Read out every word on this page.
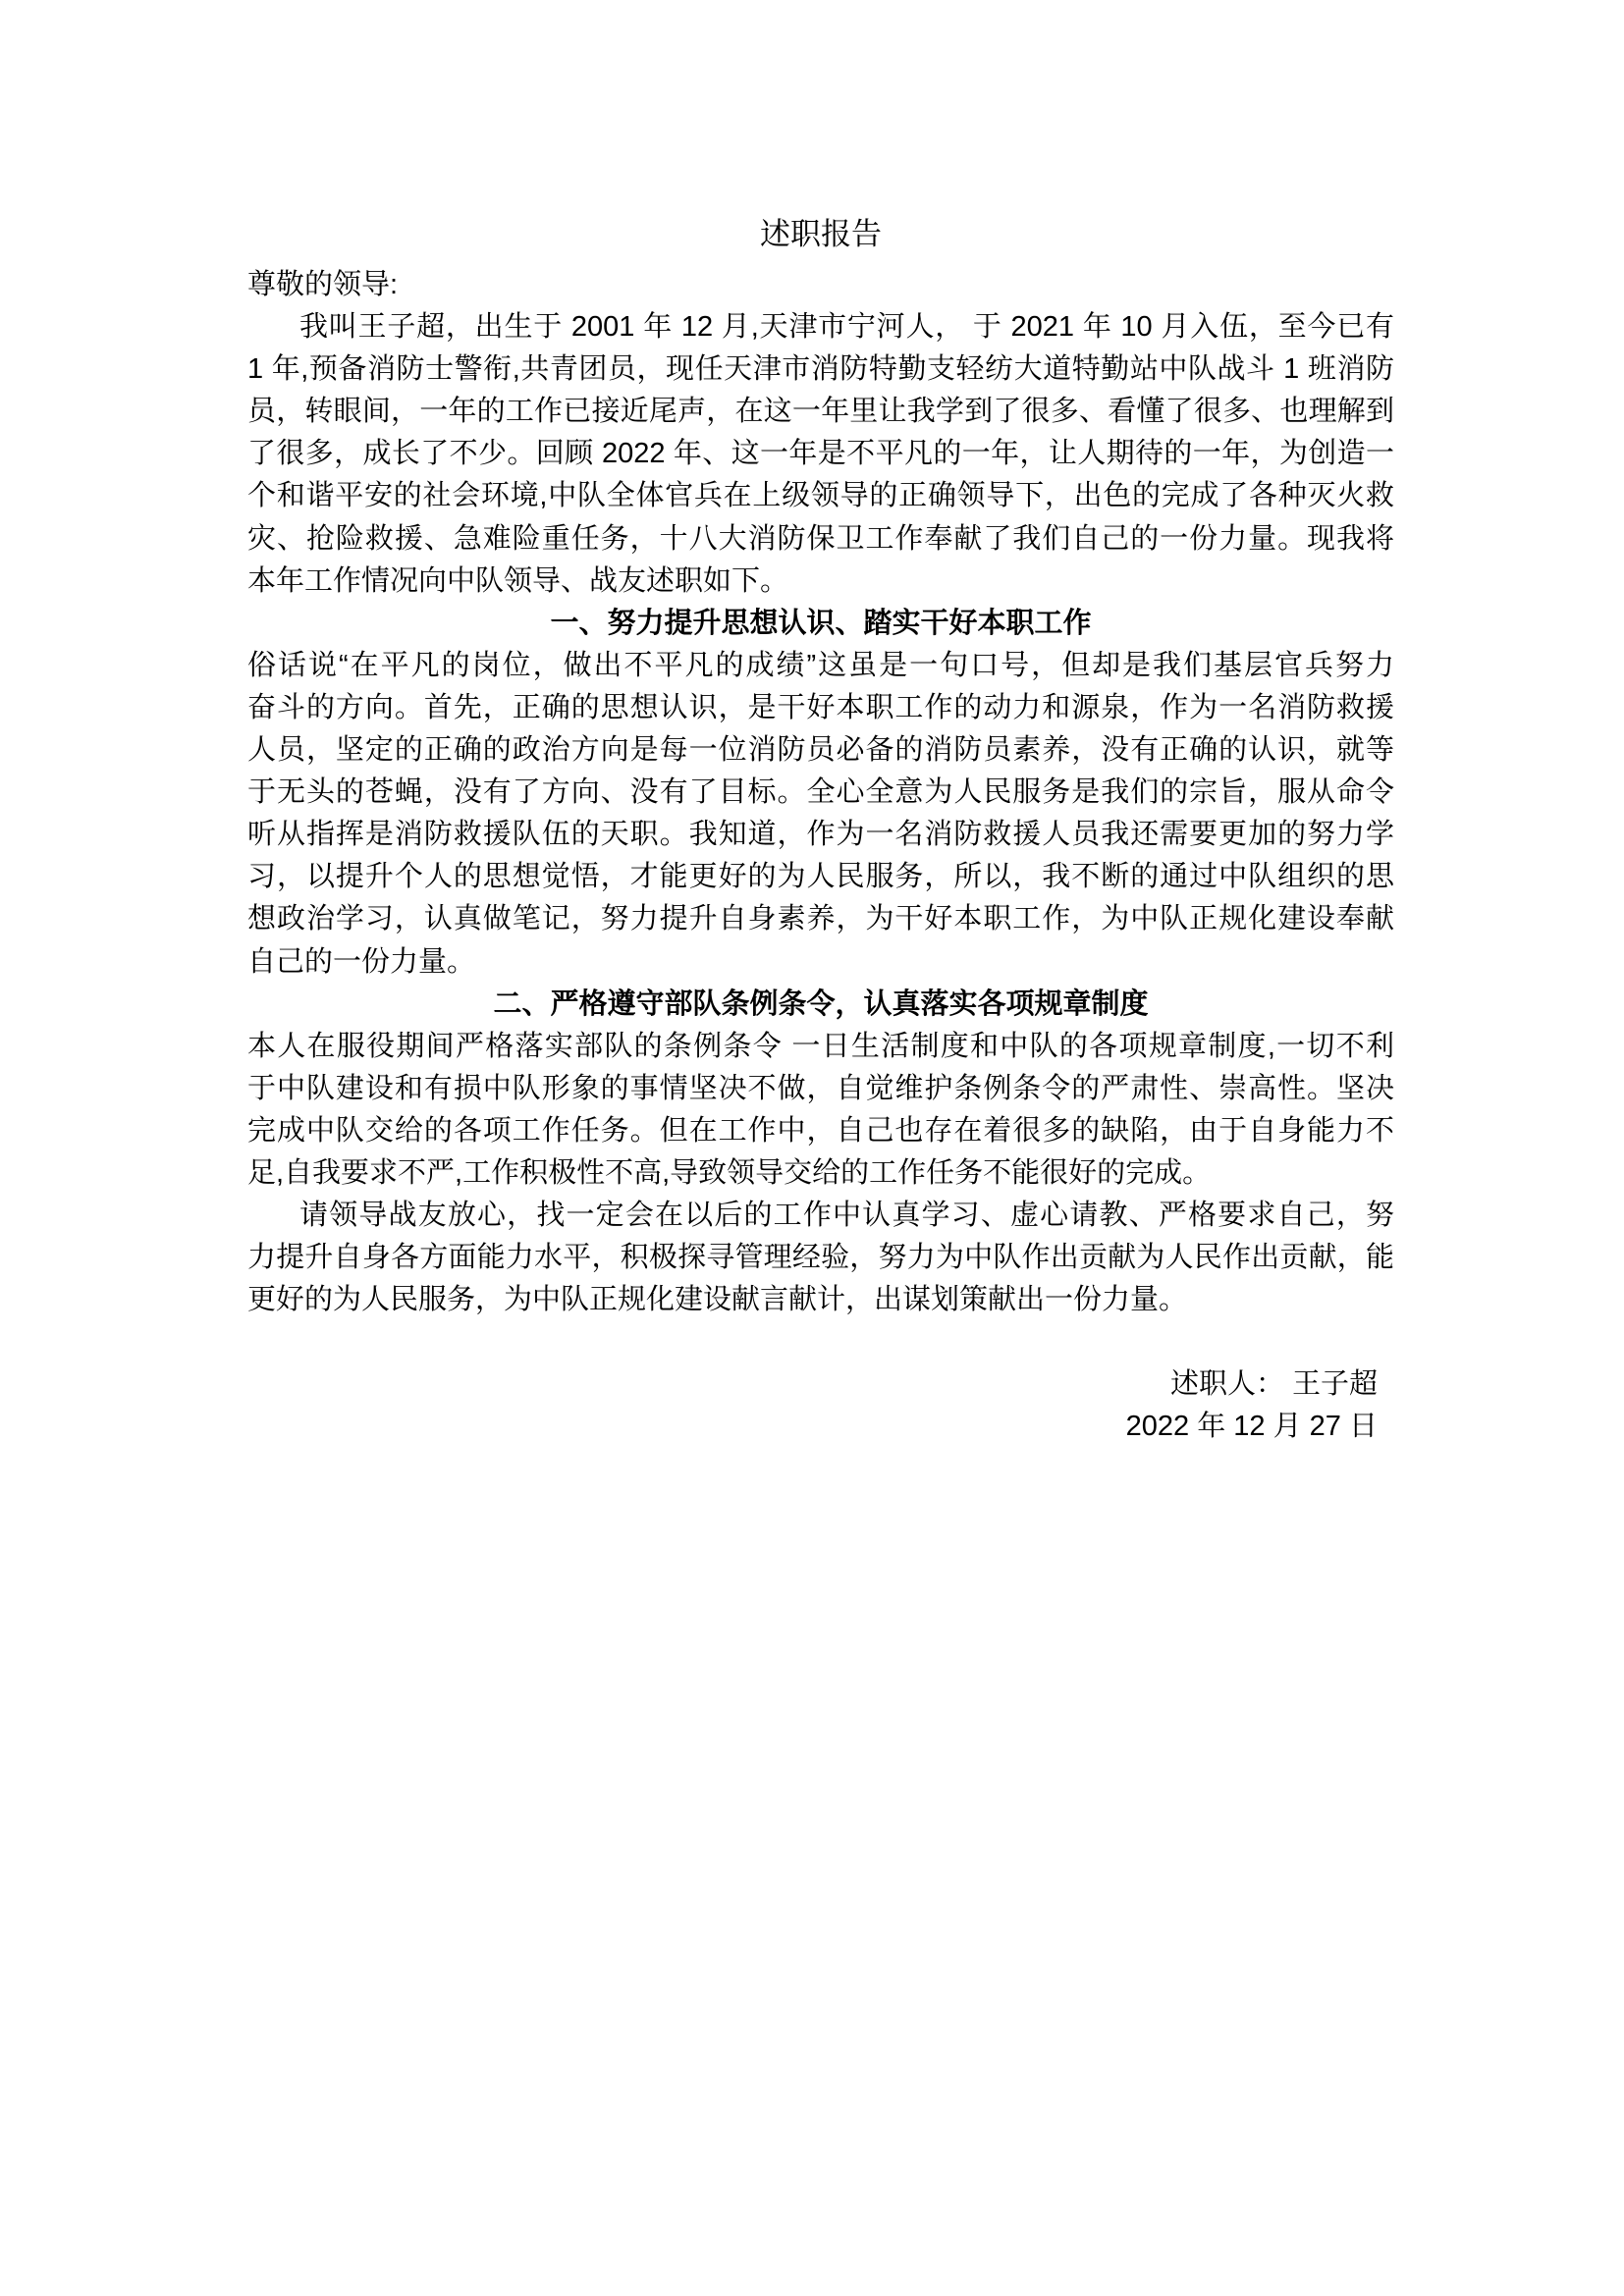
述职报告
尊敬的领导:
我叫王子超，出生于 2001 年 12 月,天津市宁河人， 于 2021 年 10 月入伍，至今已有
1 年,预备消防士警衔,共青团员，现任天津市消防特勤支轻纺大道特勤站中队战斗 1 班消防
员，转眼间，一年的工作已接近尾声，在这一年里让我学到了很多、看懂了很多、也理解到
了很多，成长了不少。回顾 2022 年、这一年是不平凡的一年，让人期待的一年，为创造一
个和谐平安的社会环境,中队全体官兵在上级领导的正确领导下，出色的完成了各种灭火救
灾、抢险救援、急难险重任务，十八大消防保卫工作奉献了我们自己的一份力量。现我将
本年工作情况向中队领导、战友述职如下。
一、努力提升思想认识、踏实干好本职工作
俗话说“在平凡的岗位，做出不平凡的成绩”这虽是一句口号，但却是我们基层官兵努力
奋斗的方向。首先，正确的思想认识，是干好本职工作的动力和源泉，作为一名消防救援
人员，坚定的正确的政治方向是每一位消防员必备的消防员素养，没有正确的认识，就等
于无头的苍蝇，没有了方向、没有了目标。全心全意为人民服务是我们的宗旨，服从命令
听从指挥是消防救援队伍的天职。我知道，作为一名消防救援人员我还需要更加的努力学
习，以提升个人的思想觉悟，才能更好的为人民服务，所以，我不断的通过中队组织的思
想政治学习，认真做笔记，努力提升自身素养，为干好本职工作，为中队正规化建设奉献
自己的一份力量。
二、严格遵守部队条例条令，认真落实各项规章制度
本人在服役期间严格落实部队的条例条令 一日生活制度和中队的各项规章制度,一切不利
于中队建设和有损中队形象的事情坚决不做，自觉维护条例条令的严肃性、崇高性。坚决
完成中队交给的各项工作任务。但在工作中，自己也存在着很多的缺陷，由于自身能力不
足,自我要求不严,工作积极性不高,导致领导交给的工作任务不能很好的完成。
请领导战友放心，找一定会在以后的工作中认真学习、虚心请教、严格要求自己，努
力提升自身各方面能力水平，积极探寻管理经验，努力为中队作出贡献为人民作出贡献，能
更好的为人民服务，为中队正规化建设献言献计，出谋划策献出一份力量。
述职人： 王子超
2022 年 12 月 27 日
